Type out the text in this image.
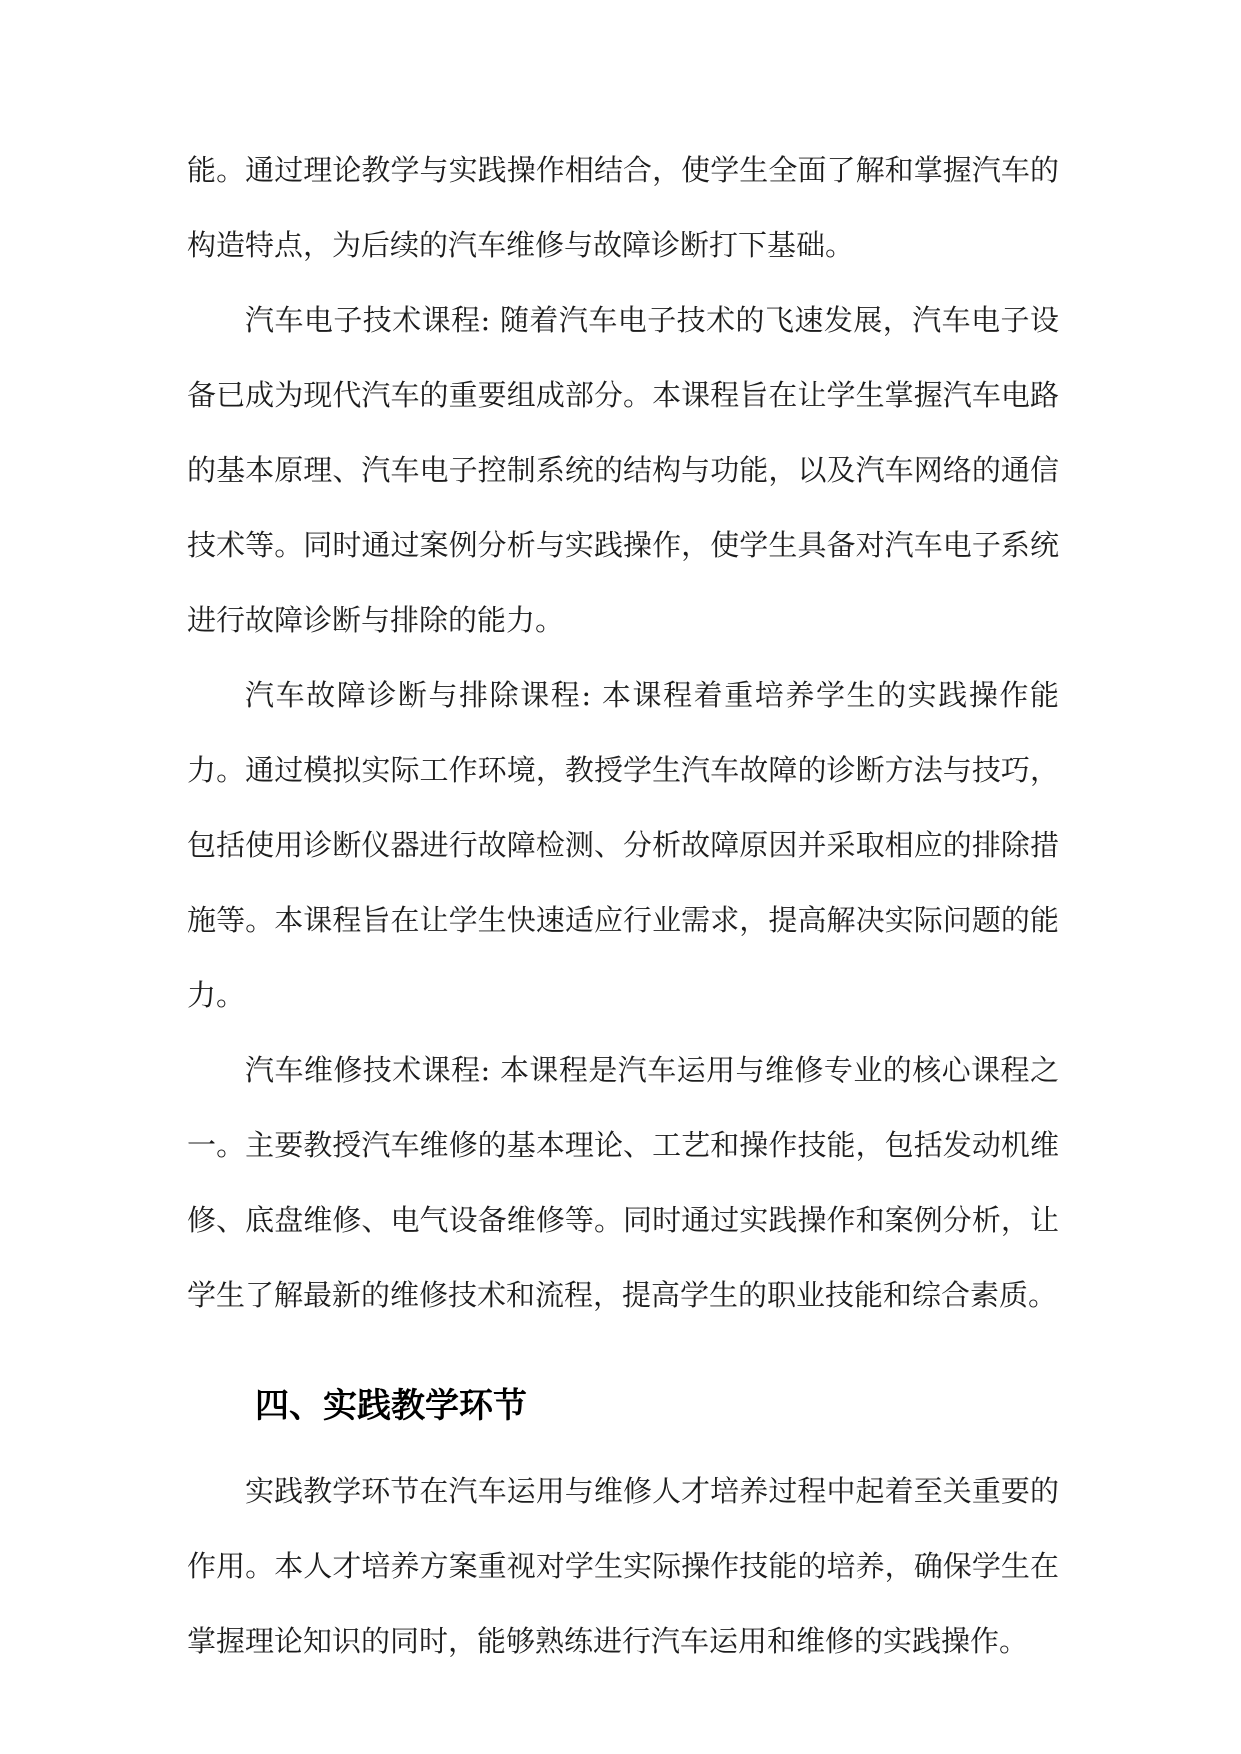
能。通过理论教学与实践操作相结合，使学生全面了解和掌握汽车的构造特点，为后续的汽车维修与故障诊断打下基础。

汽车电子技术课程: 随着汽车电子技术的飞速发展，汽车电子设备已成为现代汽车的重要组成部分。本课程旨在让学生掌握汽车电路的基本原理、汽车电子控制系统的结构与功能，以及汽车网络的通信技术等。同时通过案例分析与实践操作，使学生具备对汽车电子系统进行故障诊断与排除的能力。

汽车故障诊断与排除课程: 本课程着重培养学生的实践操作能力。通过模拟实际工作环境，教授学生汽车故障的诊断方法与技巧，包括使用诊断仪器进行故障检测、分析故障原因并采取相应的排除措施等。本课程旨在让学生快速适应行业需求，提高解决实际问题的能力。

汽车维修技术课程: 本课程是汽车运用与维修专业的核心课程之一。主要教授汽车维修的基本理论、工艺和操作技能，包括发动机维修、底盘维修、电气设备维修等。同时通过实践操作和案例分析，让学生了解最新的维修技术和流程，提高学生的职业技能和综合素质。

四、实践教学环节

实践教学环节在汽车运用与维修人才培养过程中起着至关重要的作用。本人才培养方案重视对学生实际操作技能的培养，确保学生在掌握理论知识的同时，能够熟练进行汽车运用和维修的实践操作。
